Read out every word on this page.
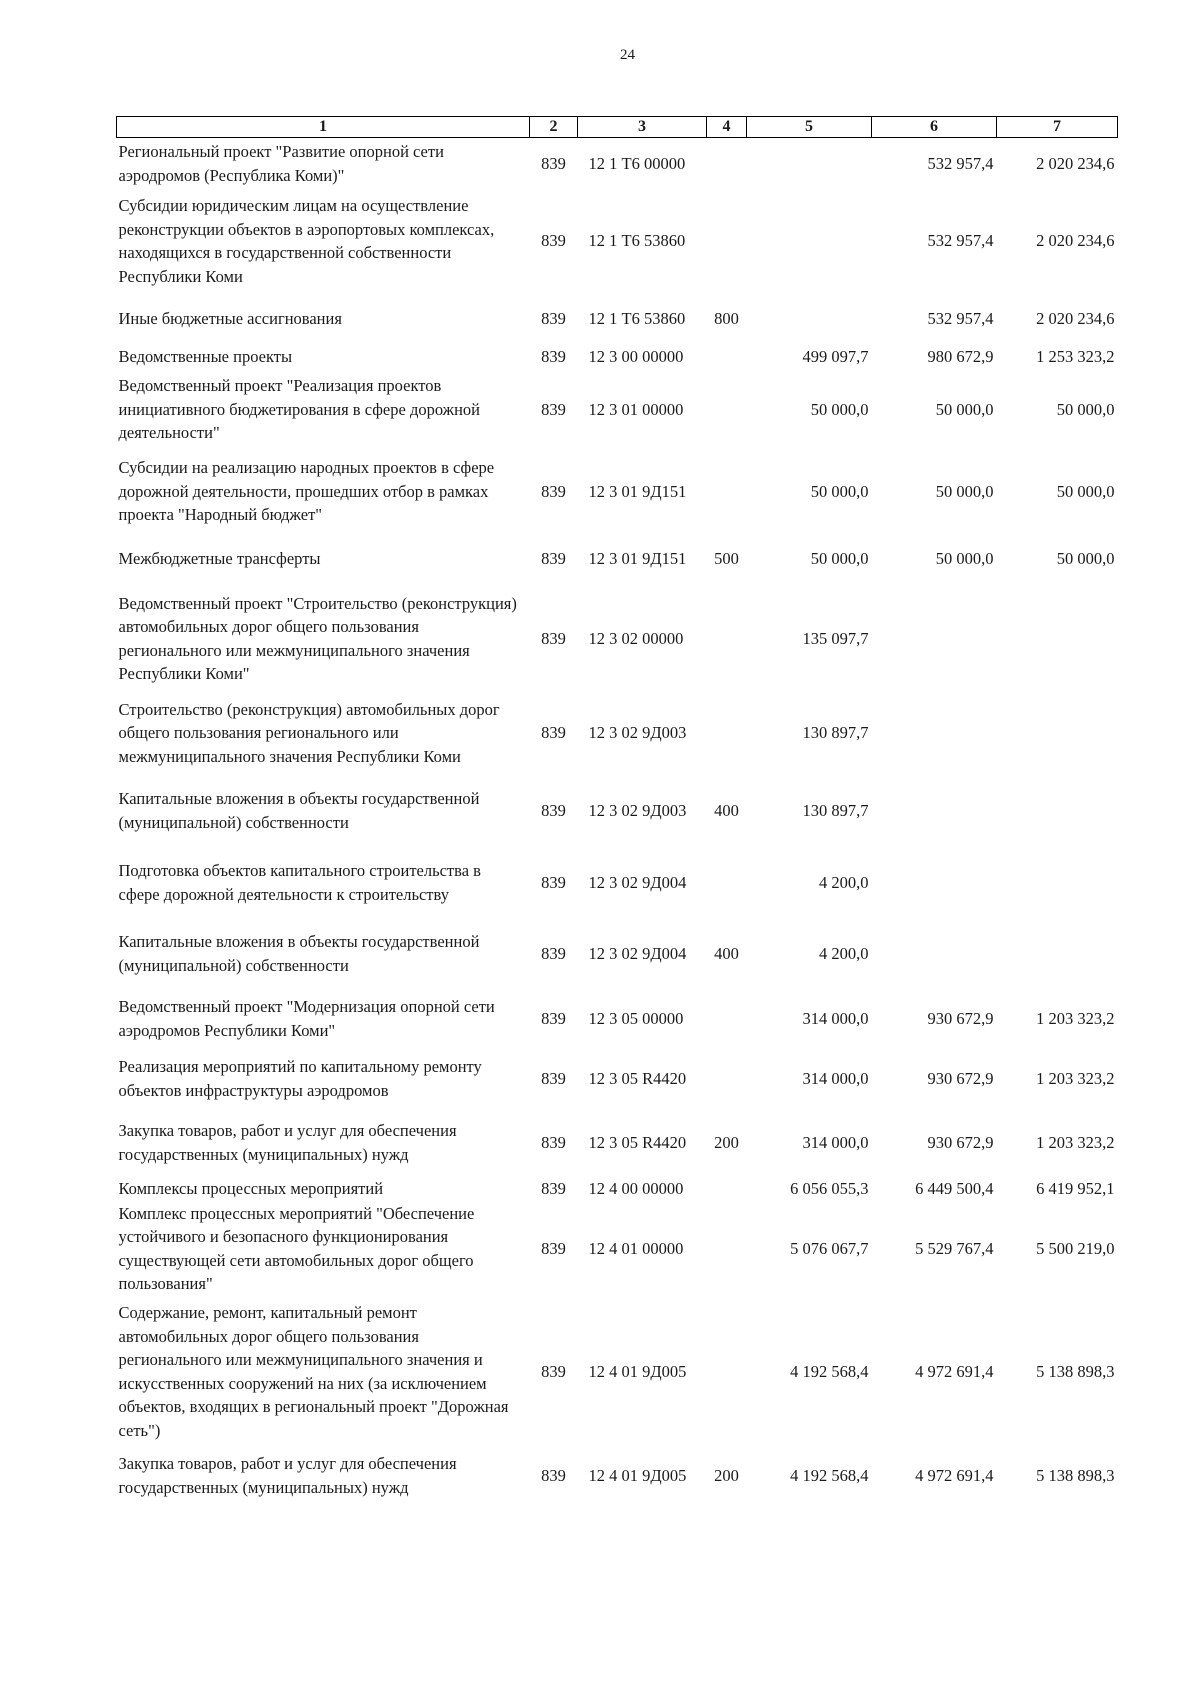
24
1	2	3	4	5	6	7
Региональный проект "Развитие опорной сети аэродромов (Республика Коми)"	839	12 1 Т6 00000			532 957,4	2 020 234,6
Субсидии юридическим лицам на осуществление реконструкции объектов в аэропортовых комплексах, находящихся в государственной собственности Республики Коми	839	12 1 Т6 53860			532 957,4	2 020 234,6
Иные бюджетные ассигнования	839	12 1 Т6 53860	800		532 957,4	2 020 234,6
Ведомственные проекты	839	12 3 00 00000		499 097,7	980 672,9	1 253 323,2
Ведомственный проект "Реализация проектов инициативного бюджетирования в сфере дорожной деятельности"	839	12 3 01 00000		50 000,0	50 000,0	50 000,0
Субсидии на реализацию народных проектов в сфере дорожной деятельности, прошедших отбор в рамках проекта "Народный бюджет"	839	12 3 01 9Д151		50 000,0	50 000,0	50 000,0
Межбюджетные трансферты	839	12 3 01 9Д151	500	50 000,0	50 000,0	50 000,0
Ведомственный проект "Строительство (реконструкция) автомобильных дорог общего пользования регионального или межмуниципального значения Республики Коми"	839	12 3 02 00000		135 097,7		
Строительство (реконструкция) автомобильных дорог общего пользования регионального или межмуниципального значения Республики Коми	839	12 3 02 9Д003		130 897,7		
Капитальные вложения в объекты государственной (муниципальной) собственности	839	12 3 02 9Д003	400	130 897,7		
Подготовка объектов капитального строительства в сфере дорожной деятельности к строительству	839	12 3 02 9Д004		4 200,0		
Капитальные вложения в объекты государственной (муниципальной) собственности	839	12 3 02 9Д004	400	4 200,0		
Ведомственный проект "Модернизация опорной сети аэродромов Республики Коми"	839	12 3 05 00000		314 000,0	930 672,9	1 203 323,2
Реализация мероприятий по капитальному ремонту объектов инфраструктуры аэродромов	839	12 3 05 R4420		314 000,0	930 672,9	1 203 323,2
Закупка товаров, работ и услуг для обеспечения государственных (муниципальных) нужд	839	12 3 05 R4420	200	314 000,0	930 672,9	1 203 323,2
Комплексы процессных мероприятий	839	12 4 00 00000		6 056 055,3	6 449 500,4	6 419 952,1
Комплекс процессных мероприятий "Обеспечение устойчивого и безопасного функционирования существующей сети автомобильных дорог общего пользования"	839	12 4 01 00000		5 076 067,7	5 529 767,4	5 500 219,0
Содержание, ремонт, капитальный ремонт автомобильных дорог общего пользования регионального или межмуниципального значения и искусственных сооружений на них (за исключением объектов, входящих в региональный проект "Дорожная сеть")	839	12 4 01 9Д005		4 192 568,4	4 972 691,4	5 138 898,3
Закупка товаров, работ и услуг для обеспечения государственных (муниципальных) нужд	839	12 4 01 9Д005	200	4 192 568,4	4 972 691,4	5 138 898,3
